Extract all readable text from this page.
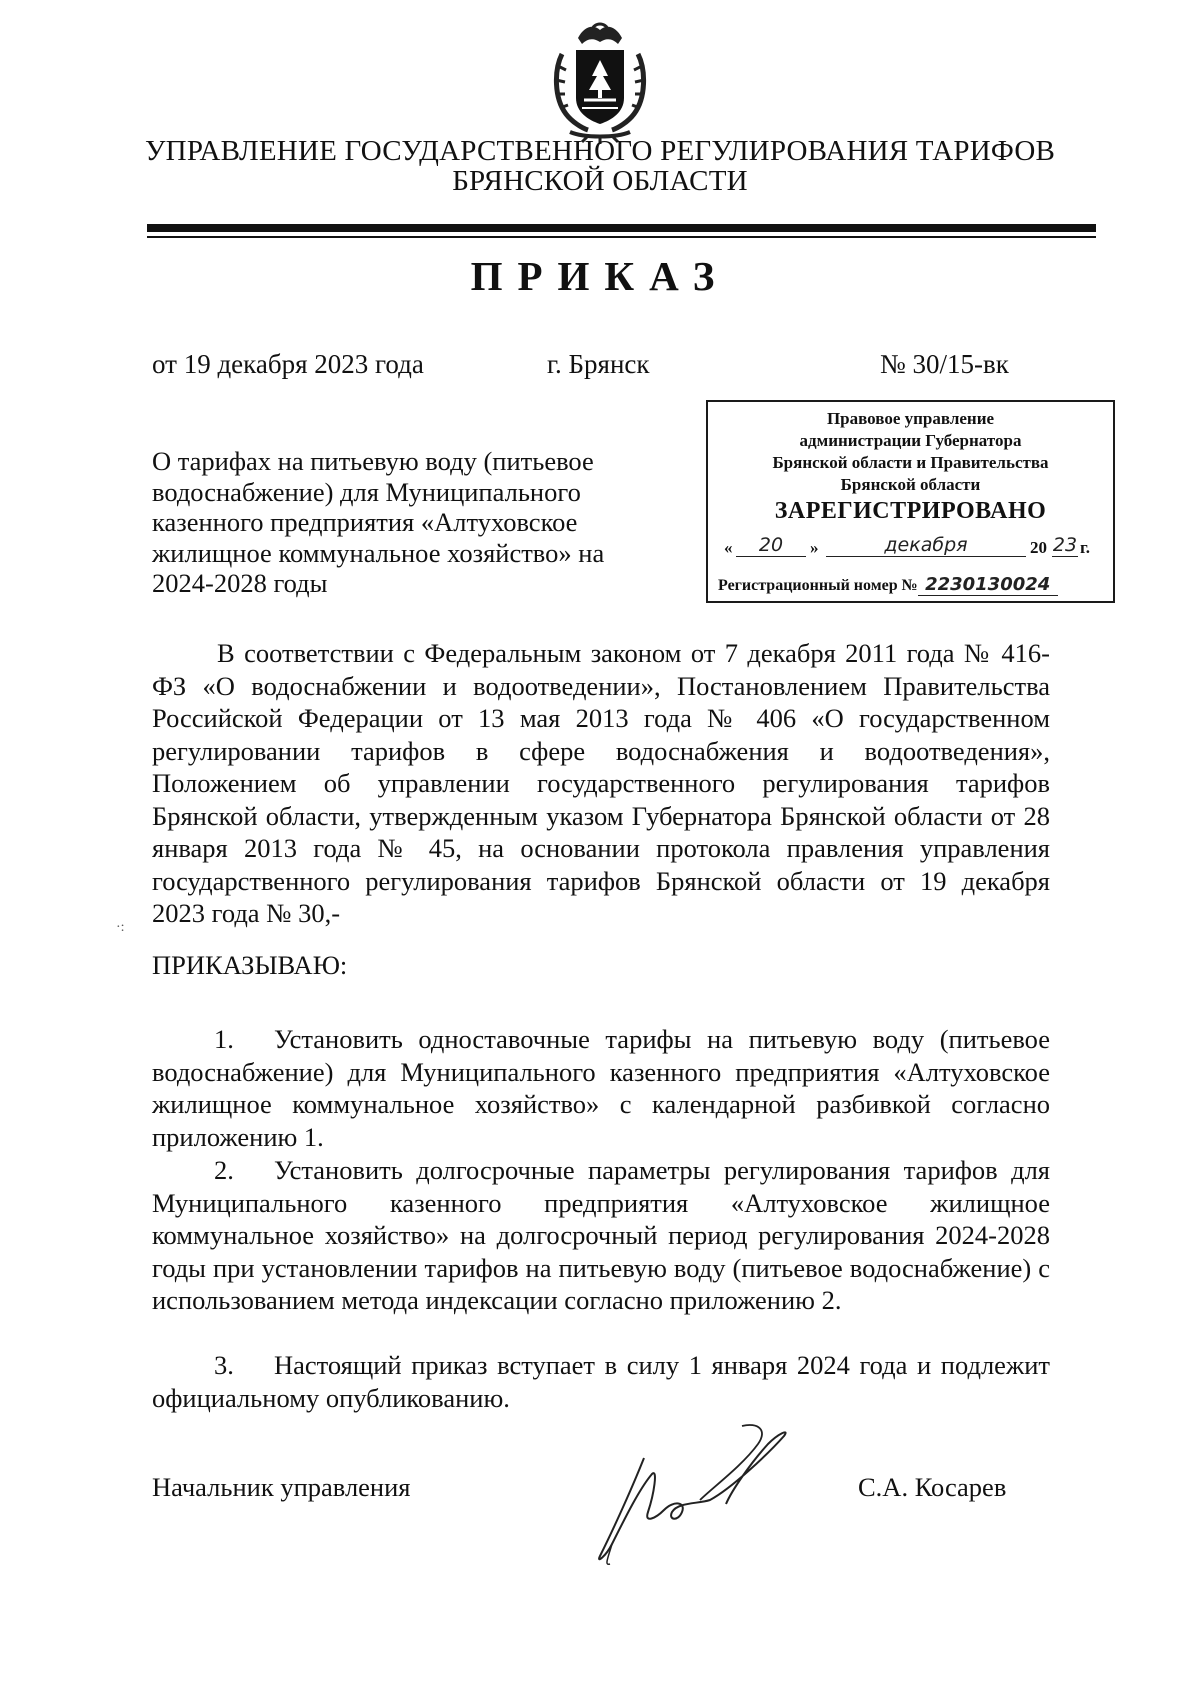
УПРАВЛЕНИЕ ГОСУДАРСТВЕННОГО РЕГУЛИРОВАНИЯ ТАРИФОВ
БРЯНСКОЙ ОБЛАСТИ
ПРИКАЗ
от 19 декабря 2023 года	г. Брянск	№ 30/15-вк
О тарифах на питьевую воду (питьевое водоснабжение) для Муниципального казенного предприятия «Алтуховское жилищное коммунальное хозяйство» на 2024-2028 годы
Правовое управление
администрации Губернатора
Брянской области и Правительства
Брянской области
ЗАРЕГИСТРИРОВАНО
«	20	»	декабря	20 23 г.
Регистрационный номер № 2230130024
В соответствии с Федеральным законом от 7 декабря 2011 года № 416-ФЗ «О водоснабжении и водоотведении», Постановлением Правительства Российской Федерации от 13 мая 2013 года № 406 «О государственном регулировании тарифов в сфере водоснабжения и водоотведения», Положением об управлении государственного регулирования тарифов Брянской области, утвержденным указом Губернатора Брянской области от 28 января 2013 года № 45, на основании протокола правления управления государственного регулирования тарифов Брянской области от 19 декабря 2023 года № 30,-
·:
ПРИКАЗЫВАЮ:
1. Установить одноставочные тарифы на питьевую воду (питьевое водоснабжение) для Муниципального казенного предприятия «Алтуховское жилищное коммунальное хозяйство» с календарной разбивкой согласно приложению 1.
2. Установить долгосрочные параметры регулирования тарифов для Муниципального казенного предприятия «Алтуховское жилищное коммунальное хозяйство» на долгосрочный период регулирования 2024-2028 годы при установлении тарифов на питьевую воду (питьевое водоснабжение) с использованием метода индексации согласно приложению 2.
3. Настоящий приказ вступает в силу 1 января 2024 года и подлежит официальному опубликованию.
Начальник управления	С.А. Косарев
